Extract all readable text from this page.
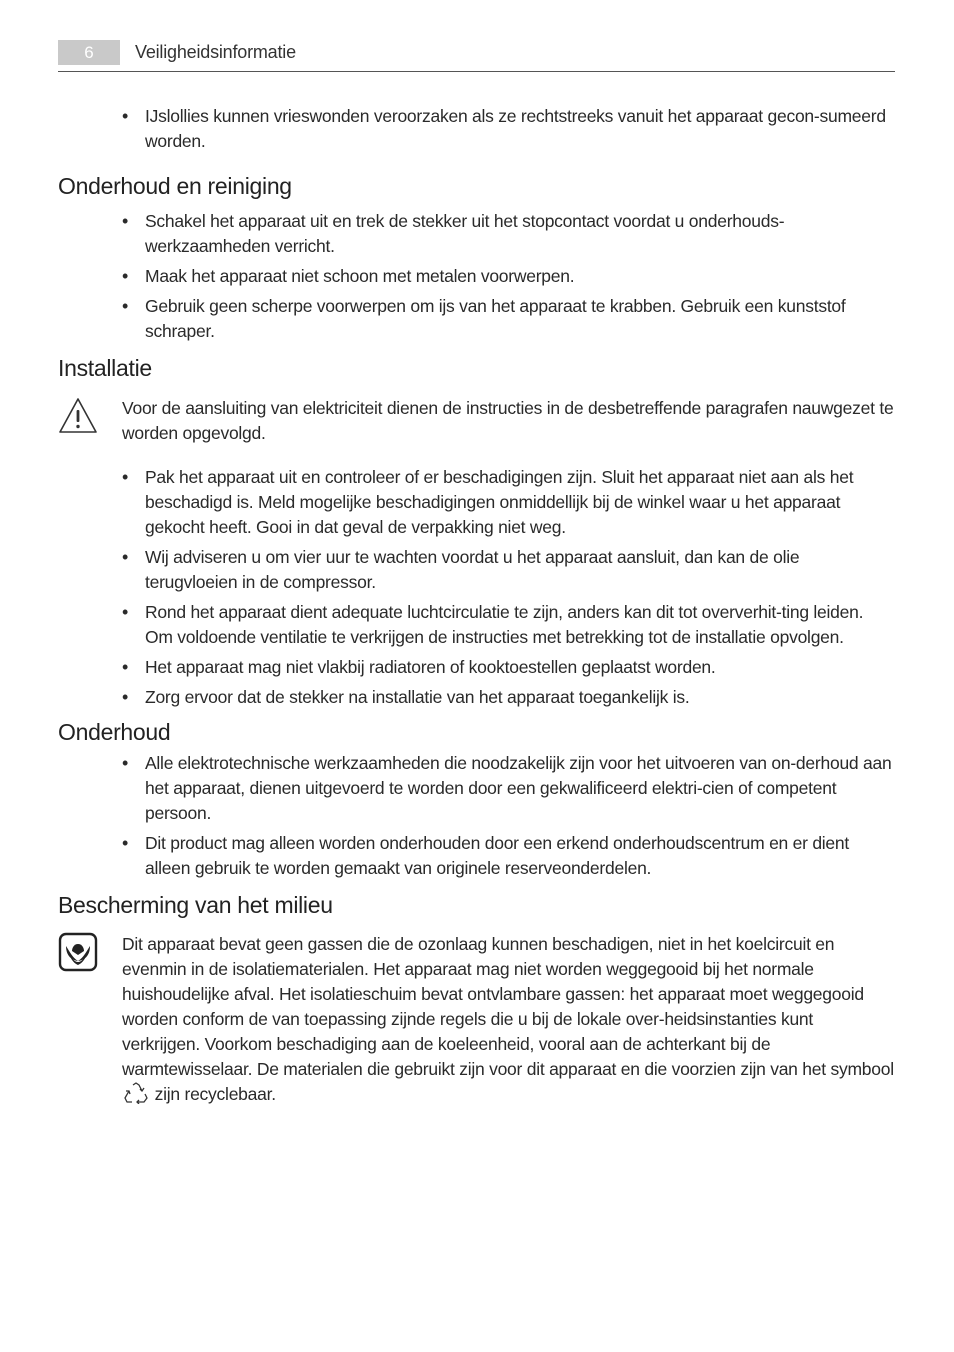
6	Veiligheidsinformatie
• IJslollies kunnen vrieswonden veroorzaken als ze rechtstreeks vanuit het apparaat gecon-sumeerd worden.
Onderhoud en reiniging
• Schakel het apparaat uit en trek de stekker uit het stopcontact voordat u onderhouds-werkzaamheden verricht.
• Maak het apparaat niet schoon met metalen voorwerpen.
• Gebruik geen scherpe voorwerpen om ijs van het apparaat te krabben. Gebruik een kunststof schraper.
Installatie
Voor de aansluiting van elektriciteit dienen de instructies in de desbetreffende paragrafen nauwgezet te worden opgevolgd.
• Pak het apparaat uit en controleer of er beschadigingen zijn. Sluit het apparaat niet aan als het beschadigd is. Meld mogelijke beschadigingen onmiddellijk bij de winkel waar u het apparaat gekocht heeft. Gooi in dat geval de verpakking niet weg.
• Wij adviseren u om vier uur te wachten voordat u het apparaat aansluit, dan kan de olie terugvloeien in de compressor.
• Rond het apparaat dient adequate luchtcirculatie te zijn, anders kan dit tot oververhit-ting leiden. Om voldoende ventilatie te verkrijgen de instructies met betrekking tot de installatie opvolgen.
• Het apparaat mag niet vlakbij radiatoren of kooktoestellen geplaatst worden.
• Zorg ervoor dat de stekker na installatie van het apparaat toegankelijk is.
Onderhoud
• Alle elektrotechnische werkzaamheden die noodzakelijk zijn voor het uitvoeren van on-derhoud aan het apparaat, dienen uitgevoerd te worden door een gekwalificeerd elektri-cien of competent persoon.
• Dit product mag alleen worden onderhouden door een erkend onderhoudscentrum en er dient alleen gebruik te worden gemaakt van originele reserveonderdelen.
Bescherming van het milieu
Dit apparaat bevat geen gassen die de ozonlaag kunnen beschadigen, niet in het koelcircuit en evenmin in de isolatiematerialen. Het apparaat mag niet worden weggegooid bij het normale huishoudelijke afval. Het isolatieschuim bevat ontvlambare gassen: het apparaat moet weggegooid worden conform de van toepassing zijnde regels die u bij de lokale over-heidsinstanties kunt verkrijgen. Voorkom beschadiging aan de koeleenheid, vooral aan de achterkant bij de warmtewisselaar. De materialen die gebruikt zijn voor dit apparaat en die voorzien zijn van het symbool  zijn recyclebaar.
